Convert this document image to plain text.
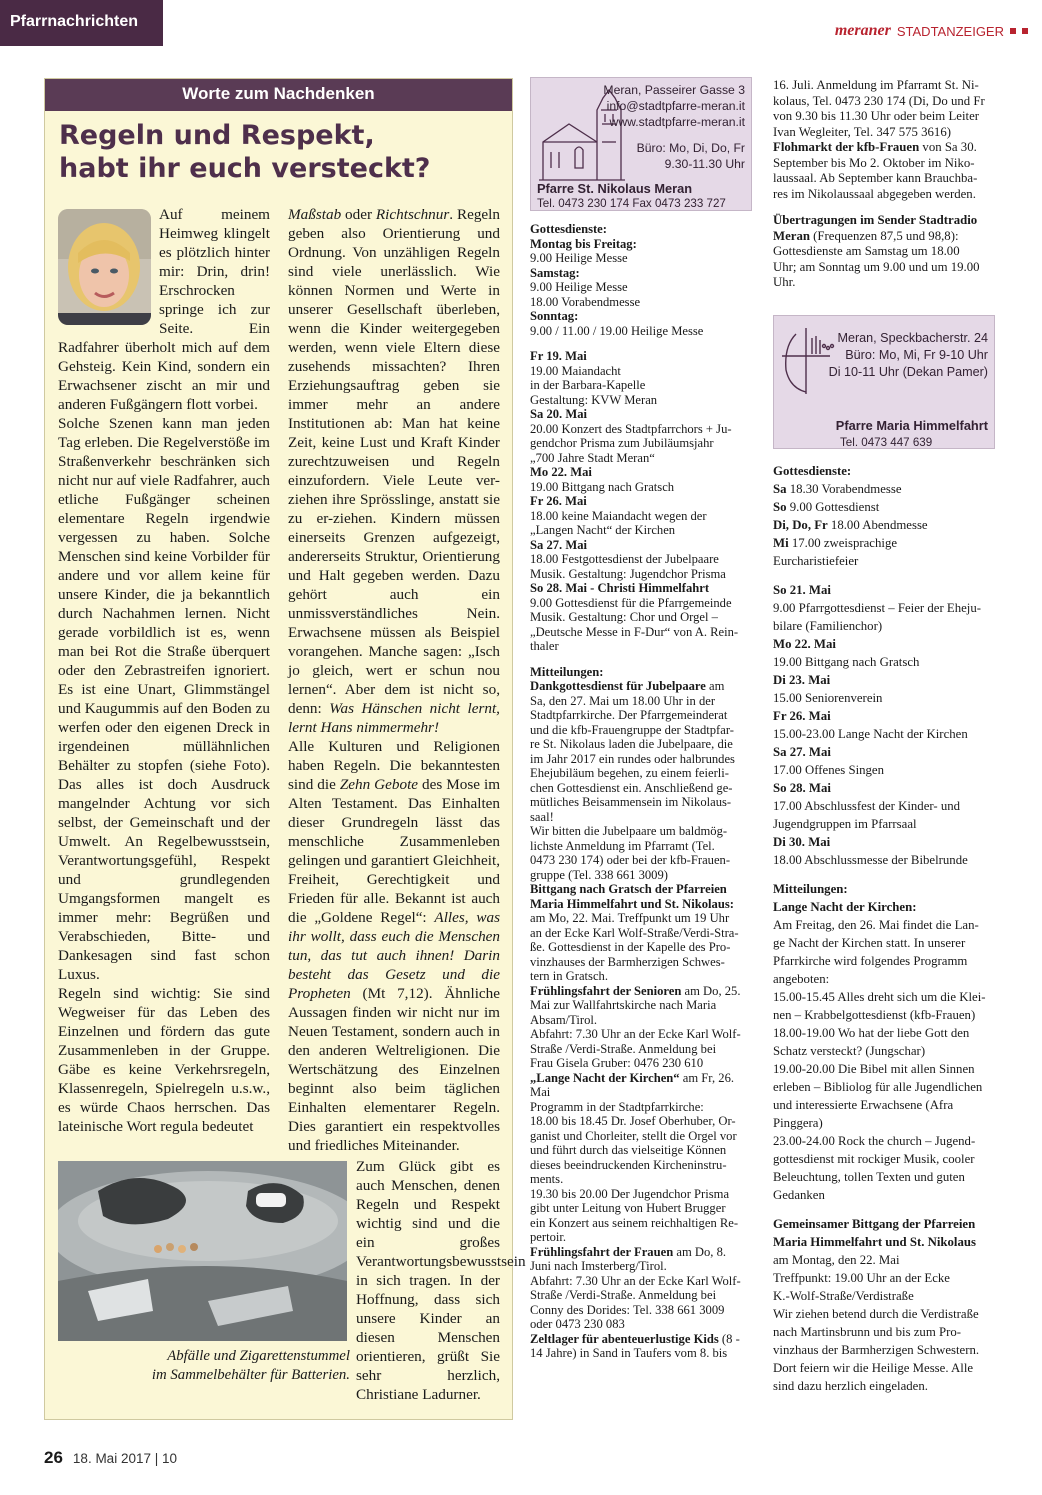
Pfarrnachrichten
meraner STADTANZEIGER
Worte zum Nachdenken
Regeln und Respekt,
habt ihr euch versteckt?

Auf meinem Heimweg klingelt es plötzlich hinter mir: Drin, drin! Erschrocken springe ich zur Seite. Ein Radfahrer überholt mich auf dem Gehsteig. Kein Kind, sondern ein Erwachsener zischt an mir und anderen Fußgängern flott vorbei.

Solche Szenen kann man jeden Tag erleben. Die Regelverstöße im Straßenverkehr beschränken sich nicht nur auf viele Radfahrer, auch etliche Fußgänger scheinen elementare Regeln irgendwie vergessen zu haben. Solche Menschen sind keine Vorbilder für andere und vor allem keine für unsere Kinder, die ja bekanntlich durch Nachahmen lernen. Nicht gerade vorbildlich ist es, wenn man bei Rot die Straße überquert oder den Zebrastreifen ignoriert. Es ist eine Unart, Glimmstängel und Kaugummis auf den Boden zu werfen oder den eigenen Dreck in irgendeinen müllähnlichen Behälter zu stopfen (siehe Foto). Das alles ist doch Ausdruck mangelnder Achtung vor sich selbst, der Gemeinschaft und der Umwelt. An Regelbewusstsein, Verantwortungsgefühl, Respekt und grundlegenden Umgangsformen mangelt es immer mehr: Begrüßen und Verabschieden, Bitte- und Dankesagen sind fast schon Luxus.

Regeln sind wichtig: Sie sind Wegweiser für das Leben des Einzelnen und fördern das gute Zusammenleben in der Gruppe. Gäbe es keine Verkehrsregeln, Klassenregeln, Spielregeln u.s.w., es würde Chaos herrschen. Das lateinische Wort regula bedeutet

Maßstab oder Richtschnur. Regeln geben also Orientierung und Ordnung. Von unzähligen Regeln sind viele unerlässlich. Wie können Normen und Werte in unserer Gesellschaft überleben, wenn die Kinder weitergegeben werden, wenn viele Eltern diese zusehends missachten? Ihren Erziehungsauftrag geben sie immer mehr an andere Institutionen ab: Man hat keine Zeit, keine Lust und Kraft Kinder zurechtzuweisen und Regeln einzufordern. Viele Leute ver-ziehen ihre Sprösslinge, anstatt sie zu er-ziehen. Kindern müssen einerseits Grenzen aufgezeigt, andererseits Struktur, Orientierung und Halt gegeben werden. Dazu gehört auch ein unmissverständliches Nein. Erwachsene müssen als Beispiel vorangehen. Manche sagen: „Isch jo gleich, wert er schun nou lernen“. Aber dem ist nicht so, denn: Was Hänschen nicht lernt, lernt Hans nimmermehr!

Alle Kulturen und Religionen haben Regeln. Die bekanntesten sind die Zehn Gebote des Mose im Alten Testament. Das Einhalten dieser Grundregeln lässt das menschliche Zusammenleben gelingen und garantiert Gleichheit, Freiheit, Gerechtigkeit und Frieden für alle. Bekannt ist auch die „Goldene Regel“: Alles, was ihr wollt, dass euch die Menschen tun, das tut auch ihnen! Darin besteht das Gesetz und die Propheten (Mt 7,12). Ähnliche Aussagen finden wir nicht nur im Neuen Testament, sondern auch in den anderen Weltreligionen. Die Wertschätzung des Einzelnen beginnt also beim täglichen Einhalten elementarer Regeln. Dies garantiert ein respektvolles und friedliches Miteinander.

Zum Glück gibt es auch Menschen, denen Regeln und Respekt wichtig sind und die ein großes Verantwortungsbewusstsein in sich tragen. In der Hoffnung, dass sich unsere Kinder an diesen Menschen orientieren, grüßt Sie sehr herzlich, Christiane Ladurner.

Abfälle und Zigarettenstummel
im Sammelbehälter für Batterien.
Meran, Passeirer Gasse 3
info@stadtpfarre-meran.it
www.stadtpfarre-meran.it
Büro: Mo, Di, Do, Fr
9.30-11.30 Uhr
Pfarre St. Nikolaus Meran
Tel. 0473 230 174 Fax 0473 233 727
Meran, Speckbacherstr. 24
Büro: Mo, Mi, Fr 9-10 Uhr
Di 10-11 Uhr (Dekan Pamer)
Pfarre Maria Himmelfahrt
Tel. 0473 447 639
Gottesdienste:
Montag bis Freitag:
9.00 Heilige Messe
Samstag:
9.00 Heilige Messe
18.00 Vorabendmesse
Sonntag:
9.00 / 11.00 / 19.00 Heilige Messe
Fr 19. Mai
19.00 Maiandacht
in der Barbara-Kapelle
Gestaltung: KVW Meran
Sa 20. Mai
20.00 Konzert des Stadtpfarrchors + Ju-
gendchor Prisma zum Jubiläumsjahr
„700 Jahre Stadt Meran“
Mo 22. Mai
19.00 Bittgang nach Gratsch
Fr 26. Mai
18.00 keine Maiandacht wegen der
„Langen Nacht“ der Kirchen
Sa 27. Mai
18.00 Festgottesdienst der Jubelpaare
Musik. Gestaltung: Jugendchor Prisma
So 28. Mai - Christi Himmelfahrt
9.00 Gottesdienst für die Pfarrgemeinde
Musik. Gestaltung: Chor und Orgel –
„Deutsche Messe in F-Dur“ von A. Rein-
thaler
Mitteilungen:
Dankgottesdienst für Jubelpaare am
Sa, den 27. Mai um 18.00 Uhr in der
Stadtpfarrkirche. Der Pfarrgemeinderat
und die kfb-Frauengruppe der Stadtpfar-
re St. Nikolaus laden die Jubelpaare, die
im Jahr 2017 ein rundes oder halbrundes
Ehejubiläum begehen, zu einem feierli-
chen Gottesdienst ein. Anschließend ge-
mütliches Beisammensein im Nikolaus-
saal!
Wir bitten die Jubelpaare um baldmög-
lichste Anmeldung im Pfarramt (Tel.
0473 230 174) oder bei der kfb-Frauen-
gruppe (Tel. 338 661 3009)
Bittgang nach Gratsch der Pfarreien
Maria Himmelfahrt und St. Nikolaus:
am Mo, 22. Mai. Treffpunkt um 19 Uhr
an der Ecke Karl Wolf-Straße/Verdi-Stra-
ße. Gottesdienst in der Kapelle des Pro-
vinzhauses der Barmherzigen Schwes-
tern in Gratsch.
Frühlingsfahrt der Senioren am Do, 25.
Mai zur Wallfahrtskirche nach Maria
Absam/Tirol.
Abfahrt: 7.30 Uhr an der Ecke Karl Wolf-
Straße /Verdi-Straße. Anmeldung bei
Frau Gisela Gruber: 0476 230 610
„Lange Nacht der Kirchen“ am Fr, 26.
Mai
Programm in der Stadtpfarrkirche:
18.00 bis 18.45 Dr. Josef Oberhuber, Or-
ganist und Chorleiter, stellt die Orgel vor
und führt durch das vielseitige Können
dieses beeindruckenden Kircheninstru-
ments.
19.30 bis 20.00 Der Jugendchor Prisma
gibt unter Leitung von Hubert Brugger
ein Konzert aus seinem reichhaltigen Re-
pertoir.
Frühlingsfahrt der Frauen am Do, 8.
Juni nach Imsterberg/Tirol.
Abfahrt: 7.30 Uhr an der Ecke Karl Wolf-
Straße /Verdi-Straße. Anmeldung bei
Conny des Dorides: Tel. 338 661 3009
oder 0473 230 083
Zeltlager für abenteuerlustige Kids (8 -
14 Jahre) in Sand in Taufers vom 8. bis
16. Juli. Anmeldung im Pfarramt St. Ni-
kolaus, Tel. 0473 230 174 (Di, Do und Fr
von 9.30 bis 11.30 Uhr oder beim Leiter
Ivan Wegleiter, Tel. 347 575 3616)
Flohmarkt der kfb-Frauen von Sa 30.
September bis Mo 2. Oktober im Niko-
laussaal. Ab September kann Brauchba-
res im Nikolaussaal abgegeben werden.
Übertragungen im Sender Stadtradio
Meran (Frequenzen 87,5 und 98,8):
Gottesdienste am Samstag um 18.00
Uhr; am Sonntag um 9.00 und um 19.00
Uhr.
Gottesdienste:
Sa 18.30 Vorabendmesse
So 9.00 Gottesdienst
Di, Do, Fr 18.00 Abendmesse
Mi 17.00 zweisprachige
Eurcharistiefeier
So 21. Mai
9.00 Pfarrgottesdienst – Feier der Eheju-
bilare (Familienchor)
Mo 22. Mai
19.00 Bittgang nach Gratsch
Di 23. Mai
15.00 Seniorenverein
Fr 26. Mai
15.00-23.00 Lange Nacht der Kirchen
Sa 27. Mai
17.00 Offenes Singen
So 28. Mai
17.00 Abschlussfest der Kinder- und
Jugendgruppen im Pfarrsaal
Di 30. Mai
18.00 Abschlussmesse der Bibelrunde
Mitteilungen:
Lange Nacht der Kirchen:
Am Freitag, den 26. Mai findet die Lan-
ge Nacht der Kirchen statt. In unserer
Pfarrkirche wird folgendes Programm
angeboten:
15.00-15.45 Alles dreht sich um die Klei-
nen – Krabbelgottesdienst (kfb-Frauen)
18.00-19.00 Wo hat der liebe Gott den
Schatz versteckt? (Jungschar)
19.00-20.00 Die Bibel mit allen Sinnen
erleben – Bibliolog für alle Jugendlichen
und interessierte Erwachsene (Afra
Pinggera)
23.00-24.00 Rock the church – Jugend-
gottesdienst mit rockiger Musik, cooler
Beleuchtung, tollen Texten und guten
Gedanken
Gemeinsamer Bittgang der Pfarreien
Maria Himmelfahrt und St. Nikolaus
am Montag, den 22. Mai
Treffpunkt: 19.00 Uhr an der Ecke
K.-Wolf-Straße/Verdistraße
Wir ziehen betend durch die Verdistraße
nach Martinsbrunn und bis zum Pro-
vinzhaus der Barmherzigen Schwestern.
Dort feiern wir die Heilige Messe. Alle
sind dazu herzlich eingeladen.
26 18. Mai 2017 | 10
